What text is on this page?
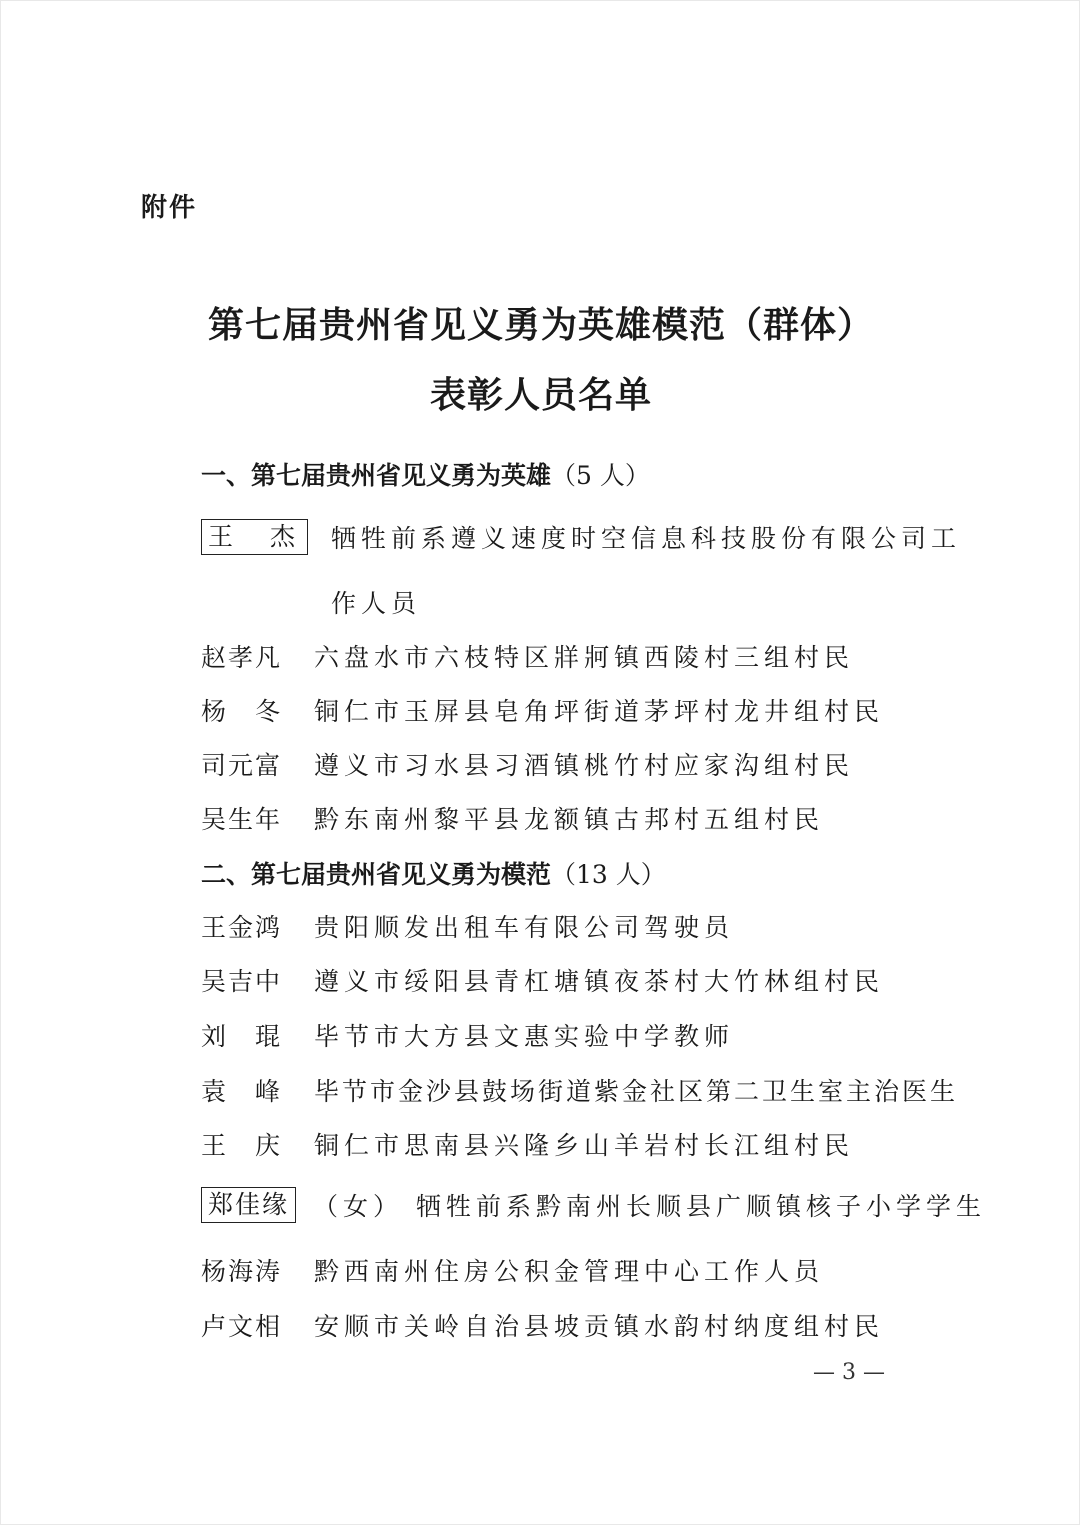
附件
第七届贵州省见义勇为英雄模范（群体）
表彰人员名单
一、第七届贵州省见义勇为英雄（5 人）
王　杰 牺牲前系遵义速度时空信息科技股份有限公司工
作人员
赵孝凡 六盘水市六枝特区牂牁镇西陵村三组村民
杨　冬 铜仁市玉屏县皂角坪街道茅坪村龙井组村民
司元富 遵义市习水县习酒镇桃竹村应家沟组村民
吴生年 黔东南州黎平县龙额镇古邦村五组村民
二、第七届贵州省见义勇为模范（13 人）
王金鸿 贵阳顺发出租车有限公司驾驶员
吴吉中 遵义市绥阳县青杠塘镇夜茶村大竹林组村民
刘　琨 毕节市大方县文惠实验中学教师
袁　峰 毕节市金沙县鼓场街道紫金社区第二卫生室主治医生
王　庆 铜仁市思南县兴隆乡山羊岩村长江组村民
郑佳缘 （女） 牺牲前系黔南州长顺县广顺镇核子小学学生
杨海涛 黔西南州住房公积金管理中心工作人员
卢文相 安顺市关岭自治县坡贡镇水韵村纳度组村民
— 3 —
